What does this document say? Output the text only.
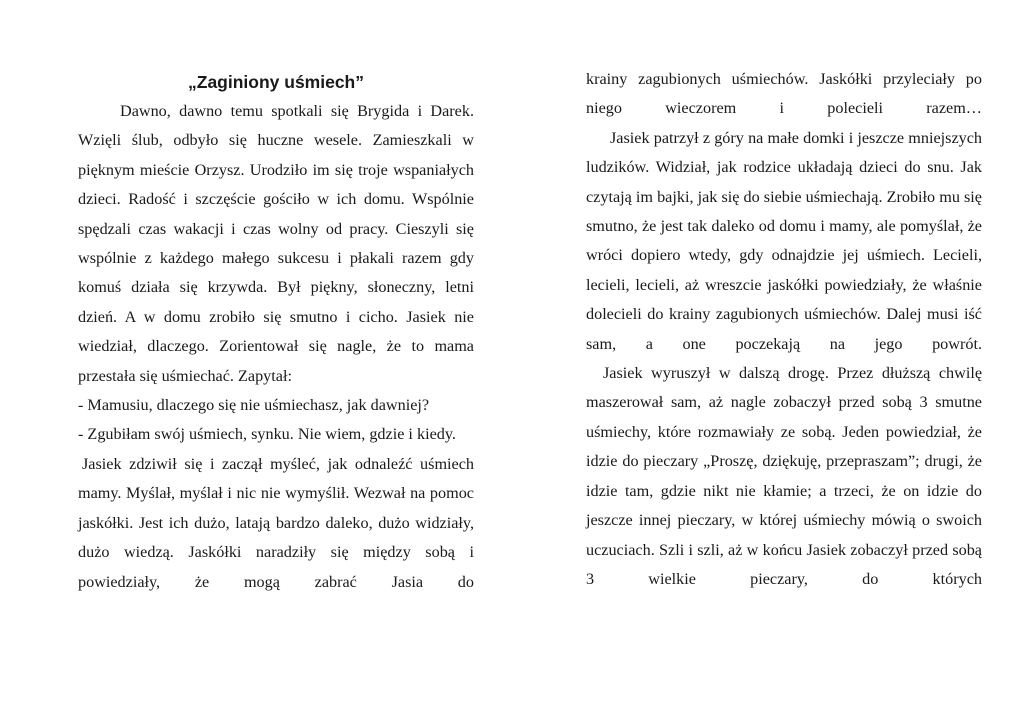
„Zaginiony uśmiech”

Dawno, dawno temu spotkali się Brygida i Darek. Wzięli ślub, odbyło się huczne wesele. Zamieszkali w pięknym mieście Orzysz. Urodziło im się troje wspaniałych dzieci. Radość i szczęście gościło w ich domu. Wspólnie spędzali czas wakacji i czas wolny od pracy. Cieszyli się wspólnie z każdego małego sukcesu i płakali razem gdy komuś działa się krzywda. Był piękny, słoneczny, letni dzień. A w domu zrobiło się smutno i cicho. Jasiek nie wiedział, dlaczego. Zorientował się nagle, że to mama przestała się uśmiechać. Zapytał:

- Mamusiu, dlaczego się nie uśmiechasz, jak dawniej?

- Zgubiłam swój uśmiech, synku. Nie wiem, gdzie i kiedy.

Jasiek zdziwił się i zaczął myśleć, jak odnaleźć uśmiech mamy. Myślał, myślał i nic nie wymyślił. Wezwał na pomoc jaskółki. Jest ich dużo, latają bardzo daleko, dużo widziały, dużo wiedzą. Jaskółki naradziły się między sobą i powiedziały, że mogą zabrać Jasia do

krainy zagubionych uśmiechów. Jaskółki przyleciały po niego wieczorem i polecieli razem…

Jasiek patrzył z góry na małe domki i jeszcze mniejszych ludzików. Widział, jak rodzice układają dzieci do snu. Jak czytają im bajki, jak się do siebie uśmiechają. Zrobiło mu się smutno, że jest tak daleko od domu i mamy, ale pomyślał, że wróci dopiero wtedy, gdy odnajdzie jej uśmiech. Lecieli, lecieli, lecieli, aż wreszcie jaskółki powiedziały, że właśnie dolecieli do krainy zagubionych uśmiechów. Dalej musi iść sam, a one poczekają na jego powrót.

Jasiek wyruszył w dalszą drogę. Przez dłuższą chwilę maszerował sam, aż nagle zobaczył przed sobą 3 smutne uśmiechy, które rozmawiały ze sobą. Jeden powiedział, że idzie do pieczary „Proszę, dziękuję, przepraszam”; drugi, że idzie tam, gdzie nikt nie kłamie; a trzeci, że on idzie do jeszcze innej pieczary, w której uśmiechy mówią o swoich uczuciach. Szli i szli, aż w końcu Jasiek zobaczył przed sobą 3 wielkie pieczary, do których
